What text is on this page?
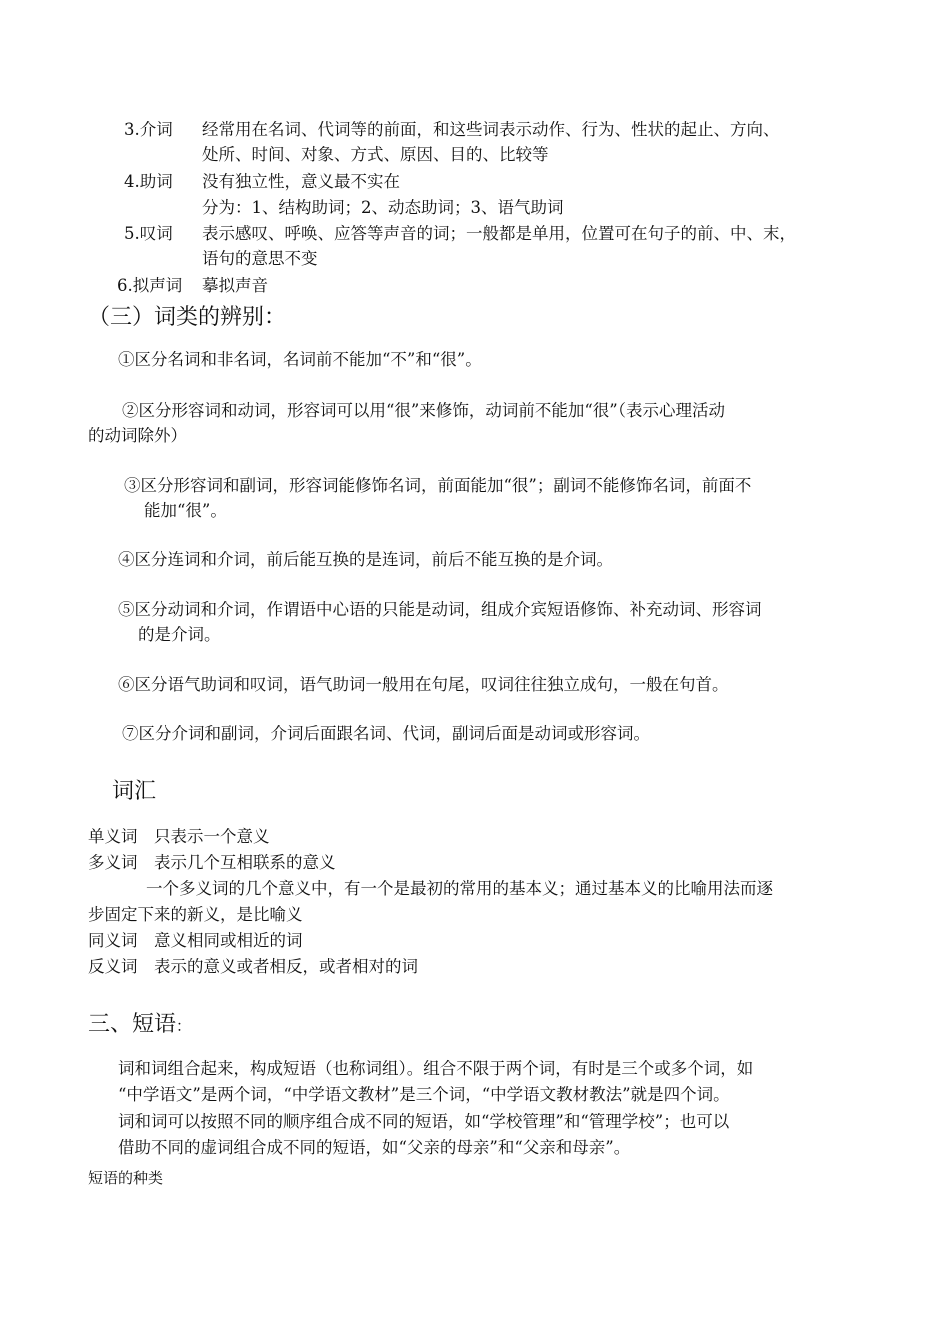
3.介词 经常用在名词、代词等的前面，和这些词表示动作、行为、性状的起止、方向、
处所、时间、对象、方式、原因、目的、比较等
4.助词 没有独立性，意义最不实在
分为：1、结构助词；2、动态助词；3、语气助词
5.叹词 表示感叹、呼唤、应答等声音的词；一般都是单用，位置可在句子的前、中、末，
语句的意思不变
6.拟声词 摹拟声音
（三）词类的辨别：
①区分名词和非名词，名词前不能加“不”和“很”。
②区分形容词和动词，形容词可以用“很”来修饰，动词前不能加“很”（表示心理活动
的动词除外）
③区分形容词和副词，形容词能修饰名词，前面能加“很”；副词不能修饰名词，前面不
能加“很”。
④区分连词和介词，前后能互换的是连词，前后不能互换的是介词。
⑤区分动词和介词，作谓语中心语的只能是动词，组成介宾短语修饰、补充动词、形容词
的是介词。
⑥区分语气助词和叹词，语气助词一般用在句尾，叹词往往独立成句，一般在句首。
⑦区分介词和副词，介词后面跟名词、代词，副词后面是动词或形容词。
词汇
单义词　只表示一个意义
多义词　表示几个互相联系的意义
一个多义词的几个意义中，有一个是最初的常用的基本义；通过基本义的比喻用法而逐
步固定下来的新义，是比喻义
同义词　意义相同或相近的词
反义词　表示的意义或者相反，或者相对的词
三、短语：
词和词组合起来，构成短语（也称词组）。组合不限于两个词，有时是三个或多个词，如
“中学语文”是两个词，“中学语文教材”是三个词，“中学语文教材教法”就是四个词。
词和词可以按照不同的顺序组合成不同的短语，如“学校管理”和“管理学校”；也可以
借助不同的虚词组合成不同的短语，如“父亲的母亲”和“父亲和母亲”。
短语的种类
